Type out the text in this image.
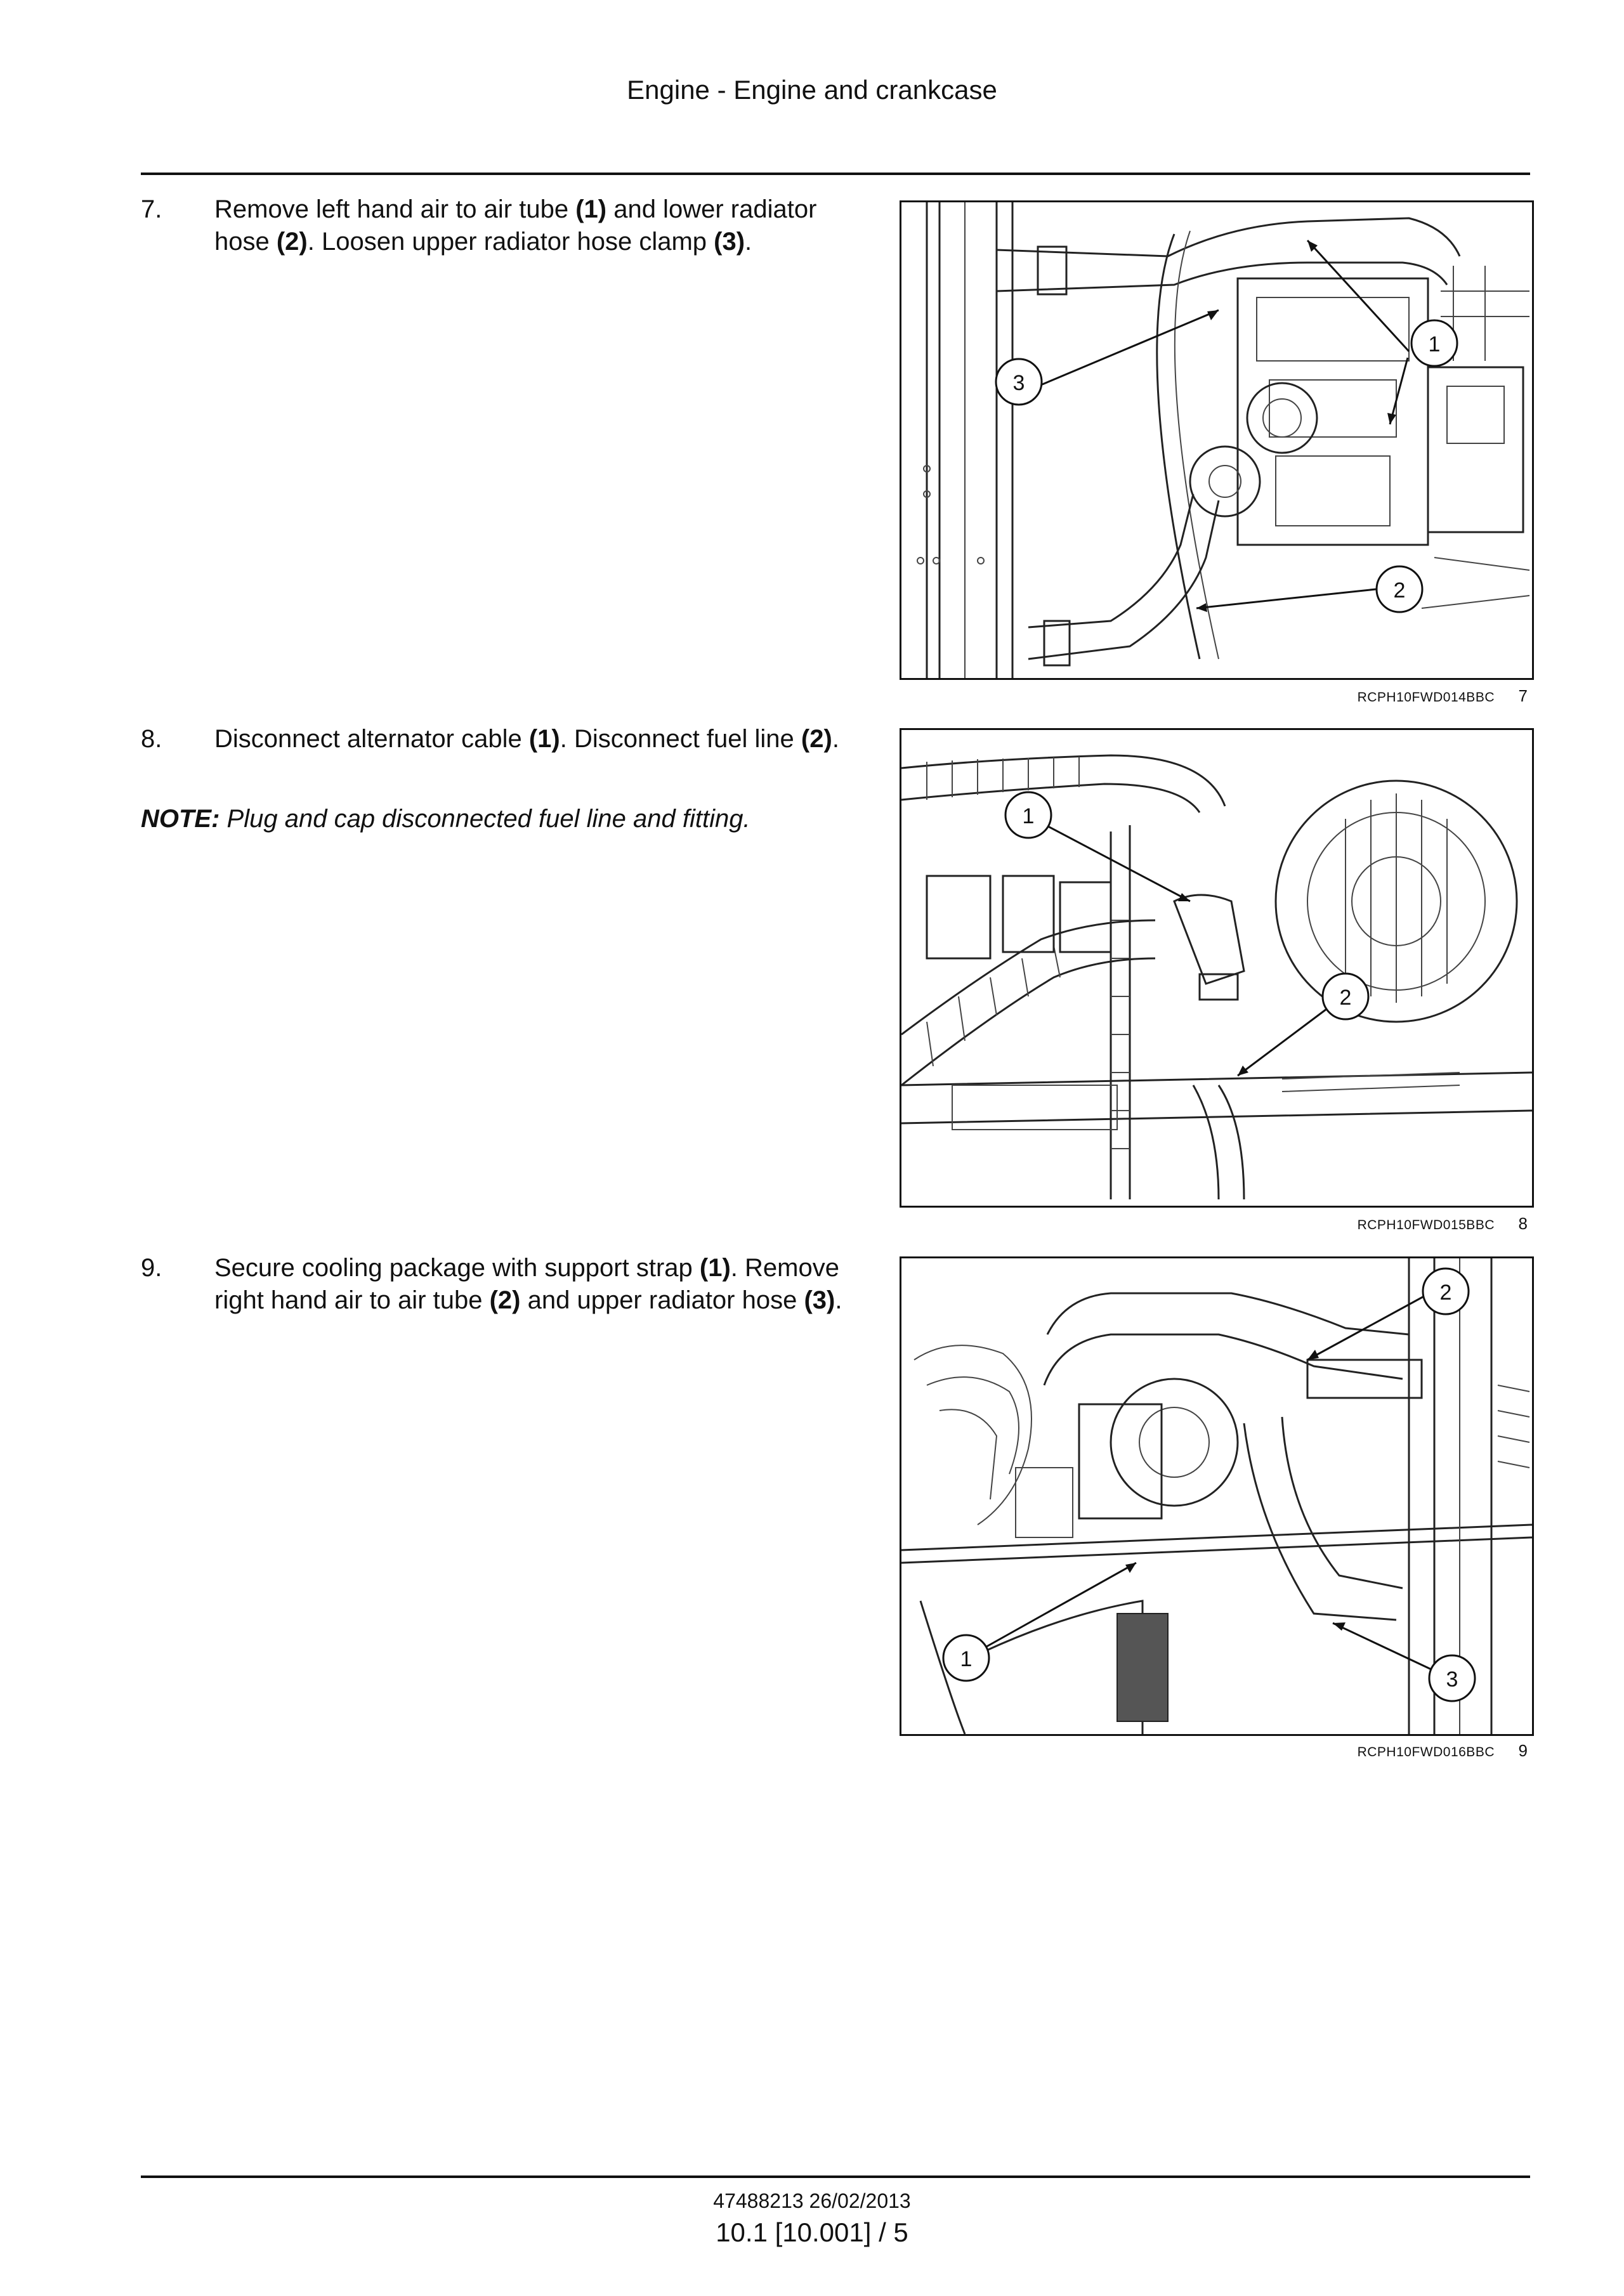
Engine - Engine and crankcase
7. Remove left hand air to air tube (1) and lower radiator hose (2). Loosen upper radiator hose clamp (3).
1
2
3
RCPH10FWD014BBC 7
8. Disconnect alternator cable (1). Disconnect fuel line (2).
NOTE: Plug and cap disconnected fuel line and fitting.	1
2
RCPH10FWD015BBC 8
9. Secure cooling package with support strap (1). Remove right hand air to air tube (2) and upper radiator hose (3).
1
2
3
RCPH10FWD016BBC 9
47488213 26/02/2013
10.1 [10.001] / 5
